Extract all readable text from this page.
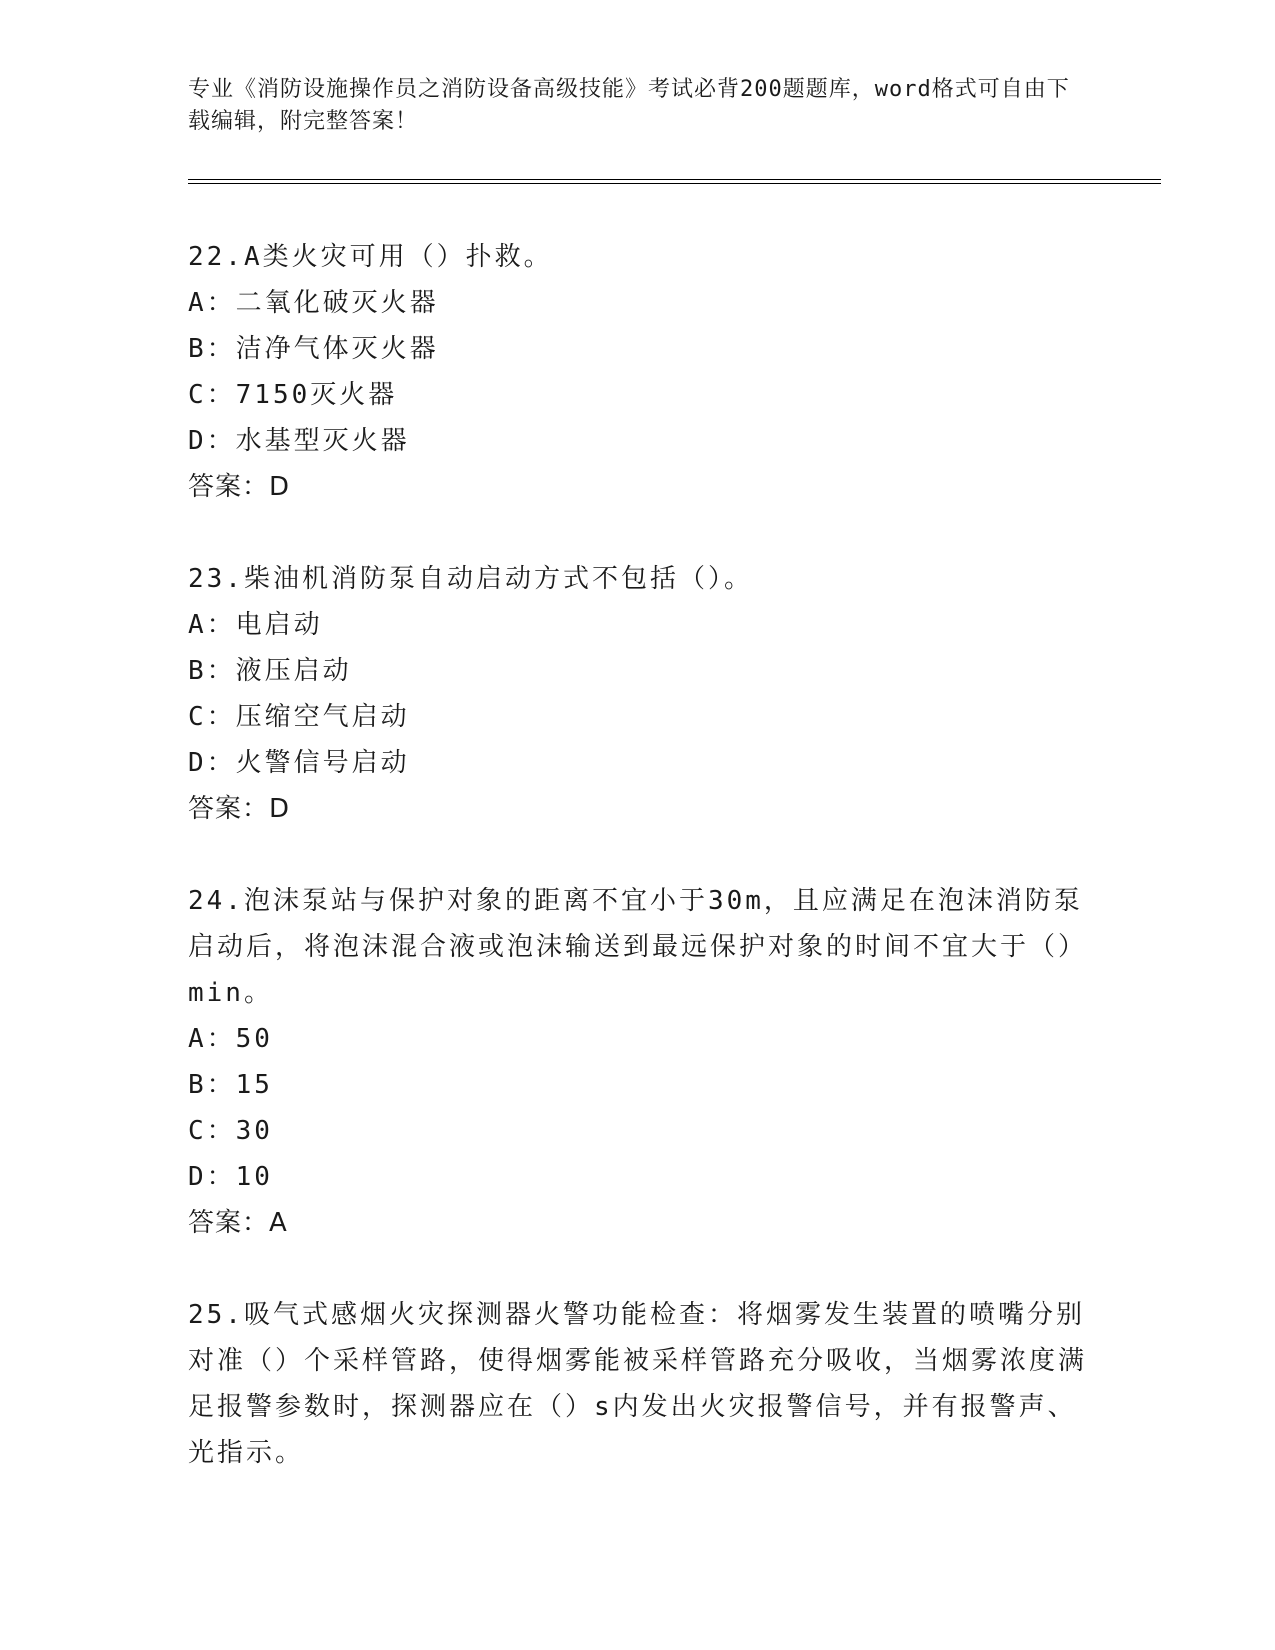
专业《消防设施操作员之消防设备高级技能》考试必背200题题库，word格式可自由下载编辑，附完整答案！
22.A类火灾可用（）扑救。
A：二氧化破灭火器
B：洁净气体灭火器
C：7150灭火器
D：水基型灭火器
答案：D
23.柴油机消防泵自动启动方式不包括（）。
A：电启动
B：液压启动
C：压缩空气启动
D：火警信号启动
答案：D
24.泡沫泵站与保护对象的距离不宜小于30m，且应满足在泡沫消防泵启动后，将泡沫混合液或泡沫输送到最远保护对象的时间不宜大于（）min。
A：50
B：15
C：30
D：10
答案：A
25.吸气式感烟火灾探测器火警功能检查：将烟雾发生装置的喷嘴分别对准（）个采样管路，使得烟雾能被采样管路充分吸收，当烟雾浓度满足报警参数时，探测器应在（）s内发出火灾报警信号，并有报警声、光指示。
